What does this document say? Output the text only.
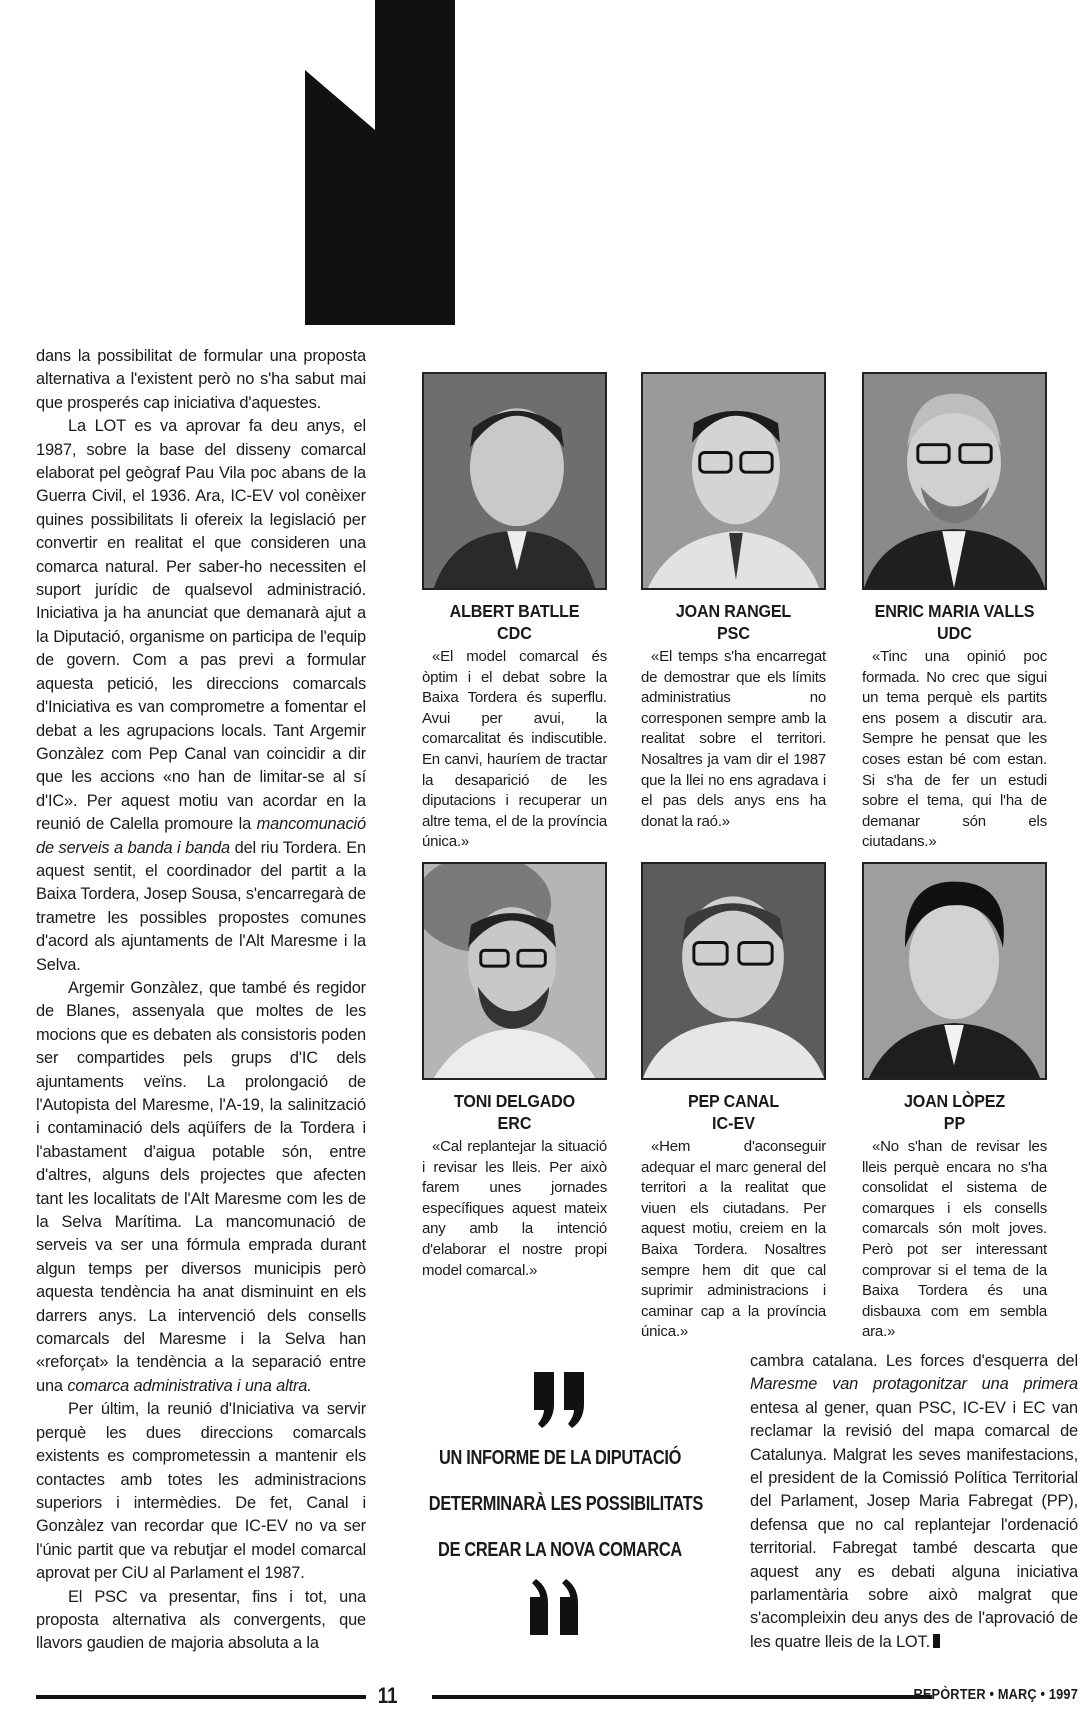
dans la possibilitat de formular una proposta alternativa a l'existent però no s'ha sabut mai que prosperés cap iniciativa d'aquestes.

La LOT es va aprovar fa deu anys, el 1987, sobre la base del disseny comarcal elaborat pel geògraf Pau Vila poc abans de la Guerra Civil, el 1936. Ara, IC-EV vol conèixer quines possibilitats li ofereix la legislació per convertir en realitat el que consideren una comarca natural. Per saber-ho necessiten el suport jurídic de qualsevol administració. Iniciativa ja ha anunciat que demanarà ajut a la Diputació, organisme on participa de l'equip de govern. Com a pas previ a formular aquesta petició, les direccions comarcals d'Iniciativa es van comprometre a fomentar el debat a les agrupacions locals. Tant Argemir Gonzàlez com Pep Canal van coincidir a dir que les accions «no han de limitar-se al sí d'IC». Per aquest motiu van acordar en la reunió de Calella promoure la mancomunació de serveis a banda i banda del riu Tordera. En aquest sentit, el coordinador del partit a la Baixa Tordera, Josep Sousa, s'encarregarà de trametre les possibles propostes comunes d'acord als ajuntaments de l'Alt Maresme i la Selva.

Argemir Gonzàlez, que també és regidor de Blanes, assenyala que moltes de les mocions que es debaten als consistoris poden ser compartides pels grups d'IC dels ajuntaments veïns. La prolongació de l'Autopista del Maresme, l'A-19, la salinització i contaminació dels aqüífers de la Tordera i l'abastament d'aigua potable són, entre d'altres, alguns dels projectes que afecten tant les localitats de l'Alt Maresme com les de la Selva Marítima. La mancomunació de serveis va ser una fórmula emprada durant algun temps per diversos municipis però aquesta tendència ha anat disminuint en els darrers anys. La intervenció dels consells comarcals del Maresme i la Selva han «reforçat» la tendència a la separació entre una comarca administrativa i una altra.

Per últim, la reunió d'Iniciativa va servir perquè les dues direccions comarcals existents es comprometessin a mantenir els contactes amb totes les administracions superiors i intermèdies. De fet, Canal i Gonzàlez van recordar que IC-EV no va ser l'únic partit que va rebutjar el model comarcal aprovat per CiU al Parlament el 1987.

El PSC va presentar, fins i tot, una proposta alternativa als convergents, que llavors gaudien de majoria absoluta a la

ALBERT BATLLE
CDC
«El model comarcal és òptim i el debat sobre la Baixa Tordera és superflu. Avui per avui, la comarcalitat és indiscutible. En canvi, hauríem de tractar la desaparició de les diputacions i recuperar un altre tema, el de la província única.»
JOAN RANGEL
PSC
«El temps s'ha encarregat de demostrar que els límits administratius no corresponen sempre amb la realitat sobre el territori. Nosaltres ja vam dir el 1987 que la llei no ens agradava i el pas dels anys ens ha donat la raó.»
ENRIC MARIA VALLS
UDC
«Tinc una opinió poc formada. No crec que sigui un tema perquè els partits ens posem a discutir ara. Sempre he pensat que les coses estan bé com estan. Si s'ha de fer un estudi sobre el tema, qui l'ha de demanar són els ciutadans.»
TONI DELGADO
ERC
«Cal replantejar la situació i revisar les lleis. Per això farem unes jornades específiques aquest mateix any amb la intenció d'elaborar el nostre propi model comarcal.»
PEP CANAL
IC-EV
«Hem d'aconseguir adequar el marc general del territori a la realitat que viuen els ciutadans. Per aquest motiu, creiem en la Baixa Tordera. Nosaltres sempre hem dit que cal suprimir administracions i caminar cap a la província única.»
JOAN LÒPEZ
PP
«No s'han de revisar les lleis perquè encara no s'ha consolidat el sistema de comarques i els consells comarcals són molt joves. Però pot ser interessant comprovar si el tema de la Baixa Tordera és una disbauxa com em sembla ara.»
UN INFORME DE LA DIPUTACIÓ
DETERMINARÀ LES POSSIBILITATS
DE CREAR LA NOVA COMARCA

cambra catalana. Les forces d'esquerra del Maresme van protagonitzar una primera entesa al gener, quan PSC, IC-EV i EC van reclamar la revisió del mapa comarcal de Catalunya. Malgrat les seves manifestacions, el president de la Comissió Política Territorial del Parlament, Josep Maria Fabregat (PP), defensa que no cal replantejar l'ordenació territorial. Fabregat també descarta que aquest any es debati alguna iniciativa parlamentària sobre això malgrat que s'acompleixin deu anys des de l'aprovació de les quatre lleis de la LOT.

11	REPÒRTER • MARÇ • 1997
